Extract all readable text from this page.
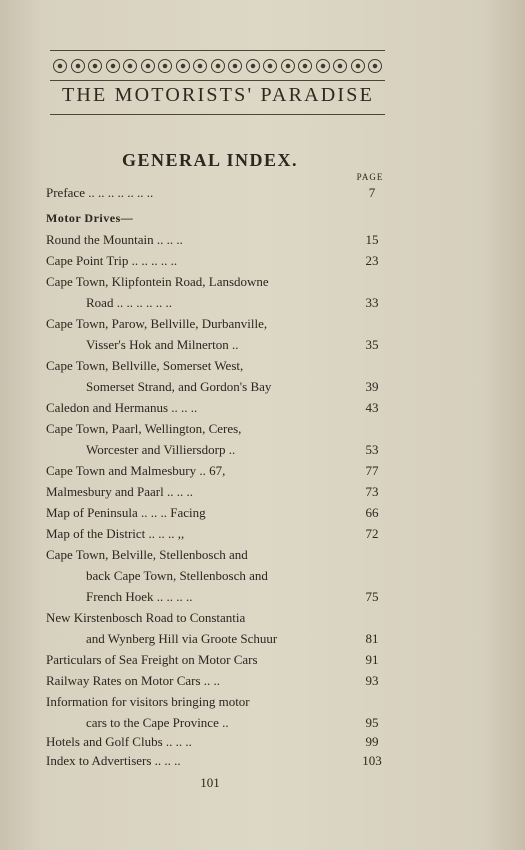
THE MOTORISTS' PARADISE
GENERAL INDEX.
PAGE
Motor Drives—
Preface .. .. .. .. .. .. ..	7
Round the Mountain .. .. ..	15
Cape Point Trip .. .. .. .. ..	23
Cape Town, Klipfontein Road, Lansdowne
Road .. .. .. .. .. ..	33
Cape Town, Parow, Bellville, Durbanville,
Visser's Hok and Milnerton ..	35
Cape Town, Bellville, Somerset West,
Somerset Strand, and Gordon's Bay	39
Caledon and Hermanus .. .. ..	43
Cape Town, Paarl, Wellington, Ceres,
Worcester and Villiersdorp ..	53
Cape Town and Malmesbury .. 67,	77
Malmesbury and Paarl .. .. ..	73
Map of Peninsula .. .. .. Facing	66
Map of the District .. .. .. ,,	72
Cape Town, Belville, Stellenbosch and
back Cape Town, Stellenbosch and
French Hoek .. .. .. ..	75
New Kirstenbosch Road to Constantia
and Wynberg Hill via Groote Schuur	81
Particulars of Sea Freight on Motor Cars	91
Railway Rates on Motor Cars .. ..	93
Information for visitors bringing motor
cars to the Cape Province ..	95
Hotels and Golf Clubs .. .. ..	99
Index to Advertisers .. .. ..	103
101
